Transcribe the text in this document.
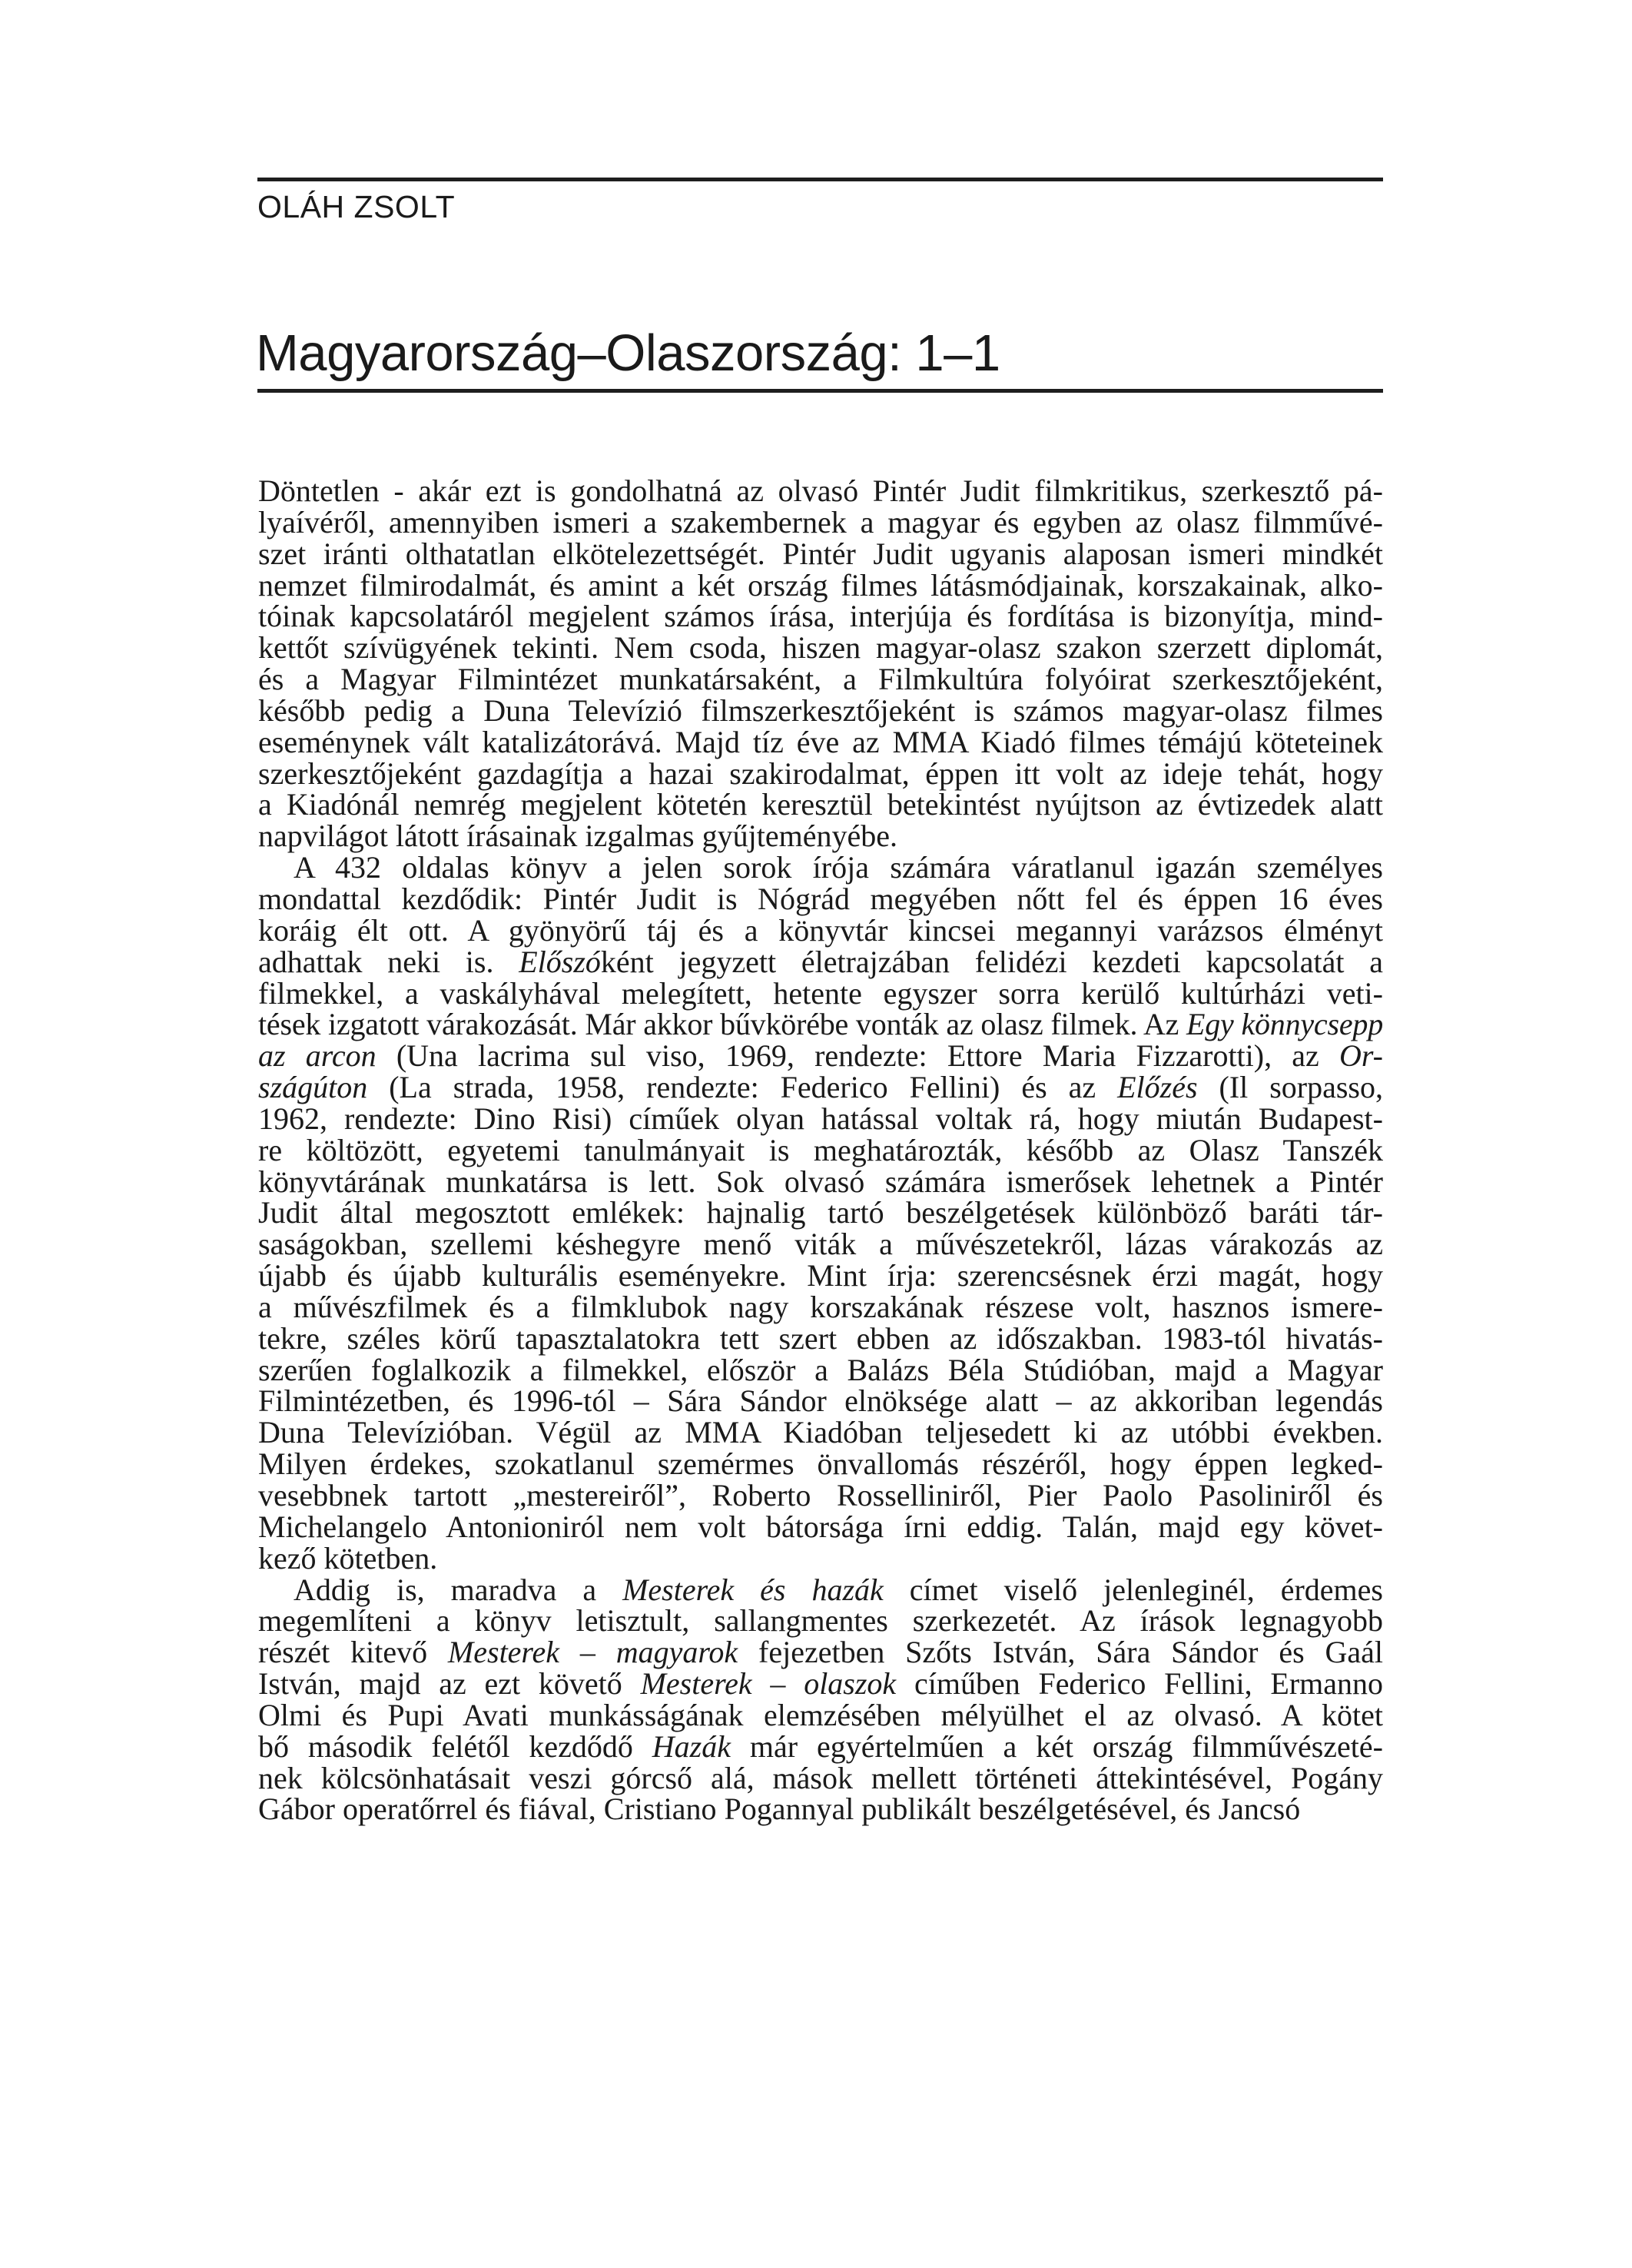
OLÁH ZSOLT
Magyarország–Olaszország: 1–1
Döntetlen - akár ezt is gondolhatná az olvasó Pintér Judit filmkritikus, szerkesztő pá-
lyaívéről, amennyiben ismeri a szakembernek a magyar és egyben az olasz filmművé-
szet iránti olthatatlan elkötelezettségét. Pintér Judit ugyanis alaposan ismeri mindkét
nemzet filmirodalmát, és amint a két ország filmes látásmódjainak, korszakainak, alko-
tóinak kapcsolatáról megjelent számos írása, interjúja és fordítása is bizonyítja, mind-
kettőt szívügyének tekinti. Nem csoda, hiszen magyar-olasz szakon szerzett diplomát,
és a Magyar Filmintézet munkatársaként, a Filmkultúra folyóirat szerkesztőjeként,
később pedig a Duna Televízió filmszerkesztőjeként is számos magyar-olasz filmes
eseménynek vált katalizátorává. Majd tíz éve az MMA Kiadó filmes témájú köteteinek
szerkesztőjeként gazdagítja a hazai szakirodalmat, éppen itt volt az ideje tehát, hogy
a Kiadónál nemrég megjelent kötetén keresztül betekintést nyújtson az évtizedek alatt
napvilágot látott írásainak izgalmas gyűjteményébe.
A 432 oldalas könyv a jelen sorok írója számára váratlanul igazán személyes
mondattal kezdődik: Pintér Judit is Nógrád megyében nőtt fel és éppen 16 éves
koráig élt ott. A gyönyörű táj és a könyvtár kincsei megannyi varázsos élményt
adhattak neki is. Előszóként jegyzett életrajzában felidézi kezdeti kapcsolatát a
filmekkel, a vaskályhával melegített, hetente egyszer sorra kerülő kultúrházi veti-
tések izgatott várakozását. Már akkor bűvkörébe vonták az olasz filmek. Az Egy könnycsepp
az arcon (Una lacrima sul viso, 1969, rendezte: Ettore Maria Fizzarotti), az Or-
szágúton (La strada, 1958, rendezte: Federico Fellini) és az Előzés (Il sorpasso,
1962, rendezte: Dino Risi) címűek olyan hatással voltak rá, hogy miután Budapest-
re költözött, egyetemi tanulmányait is meghatározták, később az Olasz Tanszék
könyvtárának munkatársa is lett. Sok olvasó számára ismerősek lehetnek a Pintér
Judit által megosztott emlékek: hajnalig tartó beszélgetések különböző baráti tár-
saságokban, szellemi késhegyre menő viták a művészetekről, lázas várakozás az
újabb és újabb kulturális eseményekre. Mint írja: szerencsésnek érzi magát, hogy
a művészfilmek és a filmklubok nagy korszakának részese volt, hasznos ismere-
tekre, széles körű tapasztalatokra tett szert ebben az időszakban. 1983-tól hivatás-
szerűen foglalkozik a filmekkel, először a Balázs Béla Stúdióban, majd a Magyar
Filmintézetben, és 1996-tól – Sára Sándor elnöksége alatt – az akkoriban legendás
Duna Televízióban. Végül az MMA Kiadóban teljesedett ki az utóbbi években.
Milyen érdekes, szokatlanul szemérmes önvallomás részéről, hogy éppen legked-
vesebbnek tartott „mestereiről”, Roberto Rosselliniről, Pier Paolo Pasoliniről és
Michelangelo Antonioniról nem volt bátorsága írni eddig. Talán, majd egy követ-
kező kötetben.
Addig is, maradva a Mesterek és hazák címet viselő jelenleginél, érdemes
megemlíteni a könyv letisztult, sallangmentes szerkezetét. Az írások legnagyobb
részét kitevő Mesterek – magyarok fejezetben Szőts István, Sára Sándor és Gaál
István, majd az ezt követő Mesterek – olaszok címűben Federico Fellini, Ermanno
Olmi és Pupi Avati munkásságának elemzésében mélyülhet el az olvasó. A kötet
bő második felétől kezdődő Hazák már egyértelműen a két ország filmművészeté-
nek kölcsönhatásait veszi górcső alá, mások mellett történeti áttekintésével, Pogány
Gábor operatőrrel és fiával, Cristiano Pogannyal publikált beszélgetésével, és Jancsó
